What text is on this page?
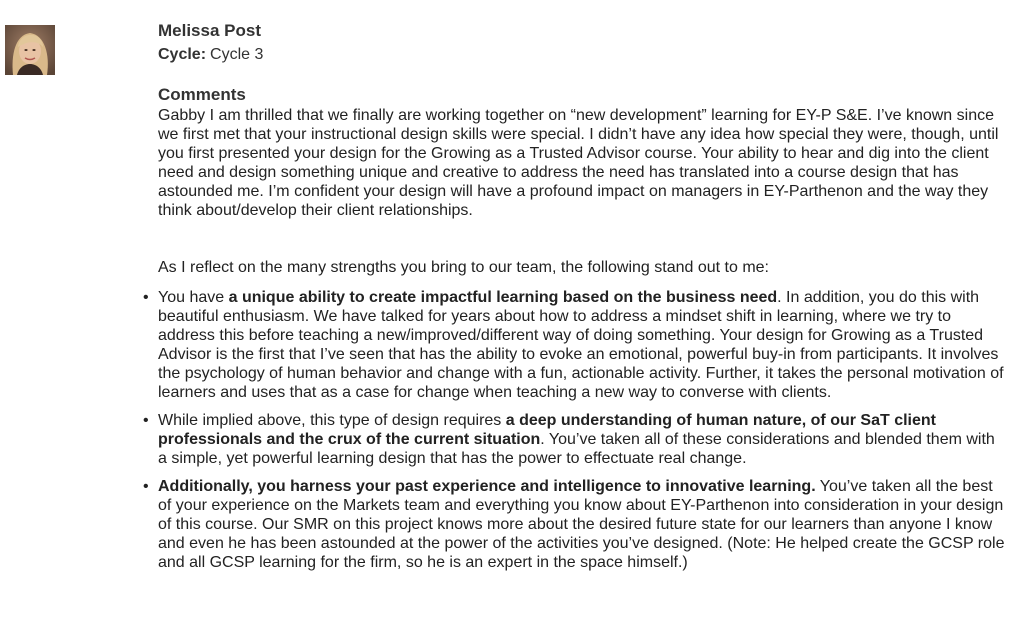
Melissa Post
Cycle: Cycle 3
Comments

Gabby I am thrilled that we finally are working together on “new development” learning for EY-P S&E. I’ve known since we first met that your instructional design skills were special. I didn’t have any idea how special they were, though, until you first presented your design for the Growing as a Trusted Advisor course. Your ability to hear and dig into the client need and design something unique and creative to address the need has translated into a course design that has astounded me. I’m confident your design will have a profound impact on managers in EY-Parthenon and the way they think about/develop their client relationships.

As I reflect on the many strengths you bring to our team, the following stand out to me:

• You have a unique ability to create impactful learning based on the business need. In addition, you do this with beautiful enthusiasm. We have talked for years about how to address a mindset shift in learning, where we try to address this before teaching a new/improved/different way of doing something. Your design for Growing as a Trusted Advisor is the first that I’ve seen that has the ability to evoke an emotional, powerful buy-in from participants. It involves the psychology of human behavior and change with a fun, actionable activity. Further, it takes the personal motivation of learners and uses that as a case for change when teaching a new way to converse with clients.
• While implied above, this type of design requires a deep understanding of human nature, of our SaT client professionals and the crux of the current situation. You’ve taken all of these considerations and blended them with a simple, yet powerful learning design that has the power to effectuate real change.
• Additionally, you harness your past experience and intelligence to innovative learning. You’ve taken all the best of your experience on the Markets team and everything you know about EY-Parthenon into consideration in your design of this course. Our SMR on this project knows more about the desired future state for our learners than anyone I know and even he has been astounded at the power of the activities you’ve designed. (Note: He helped create the GCSP role and all GCSP learning for the firm, so he is an expert in the space himself.)
